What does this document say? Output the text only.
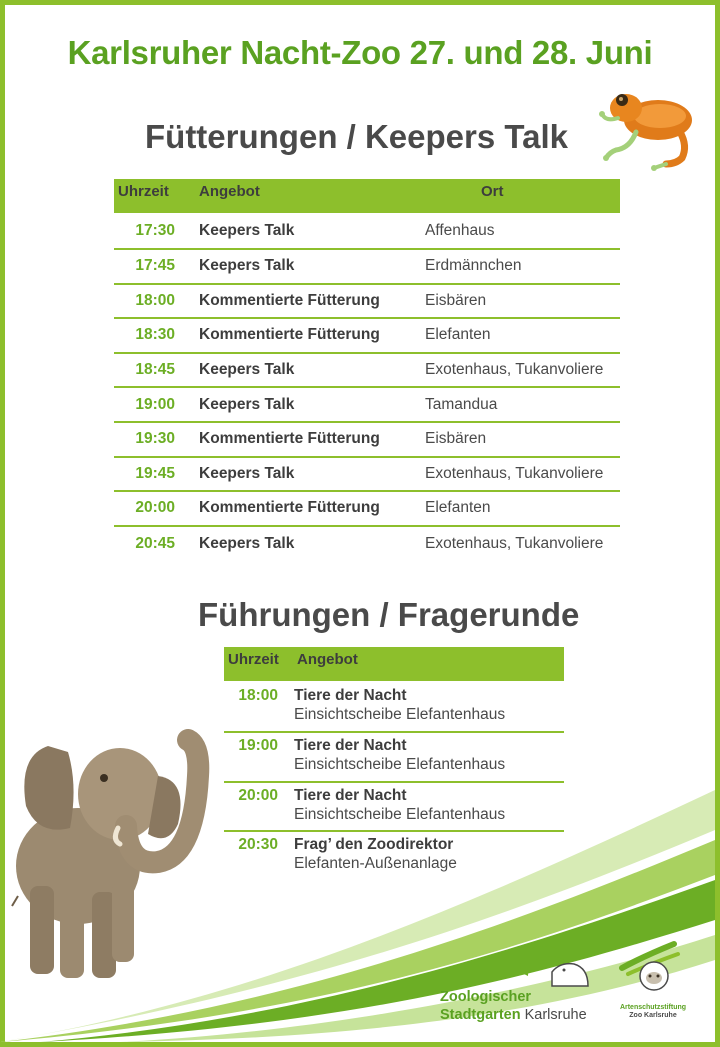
Karlsruher Nacht-Zoo 27. und 28. Juni
Fütterungen / Keepers Talk
Uhrzeit	Angebot	Ort
17:30	Keepers Talk	Affenhaus
17:45	Keepers Talk	Erdmännchen
18:00	Kommentierte Fütterung	Eisbären
18:30	Kommentierte Fütterung	Elefanten
18:45	Keepers Talk	Exotenhaus, Tukanvoliere
19:00	Keepers Talk	Tamandua
19:30	Kommentierte Fütterung	Eisbären
19:45	Keepers Talk	Exotenhaus, Tukanvoliere
20:00	Kommentierte Fütterung	Elefanten
20:45	Keepers Talk	Exotenhaus, Tukanvoliere
Führungen / Fragerunde
Uhrzeit	Angebot
18:00	Tiere der Nacht
Einsichtscheibe Elefantenhaus

19:00	Tiere der Nacht
Einsichtscheibe Elefantenhaus

20:00	Tiere der Nacht
Einsichtscheibe Elefantenhaus

20:30	Frag’ den Zoodirektor
Elefanten-Außenanlage
Zoologischer
Stadtgarten Karlsruhe	Artenschutzstiftung
Zoo Karlsruhe
